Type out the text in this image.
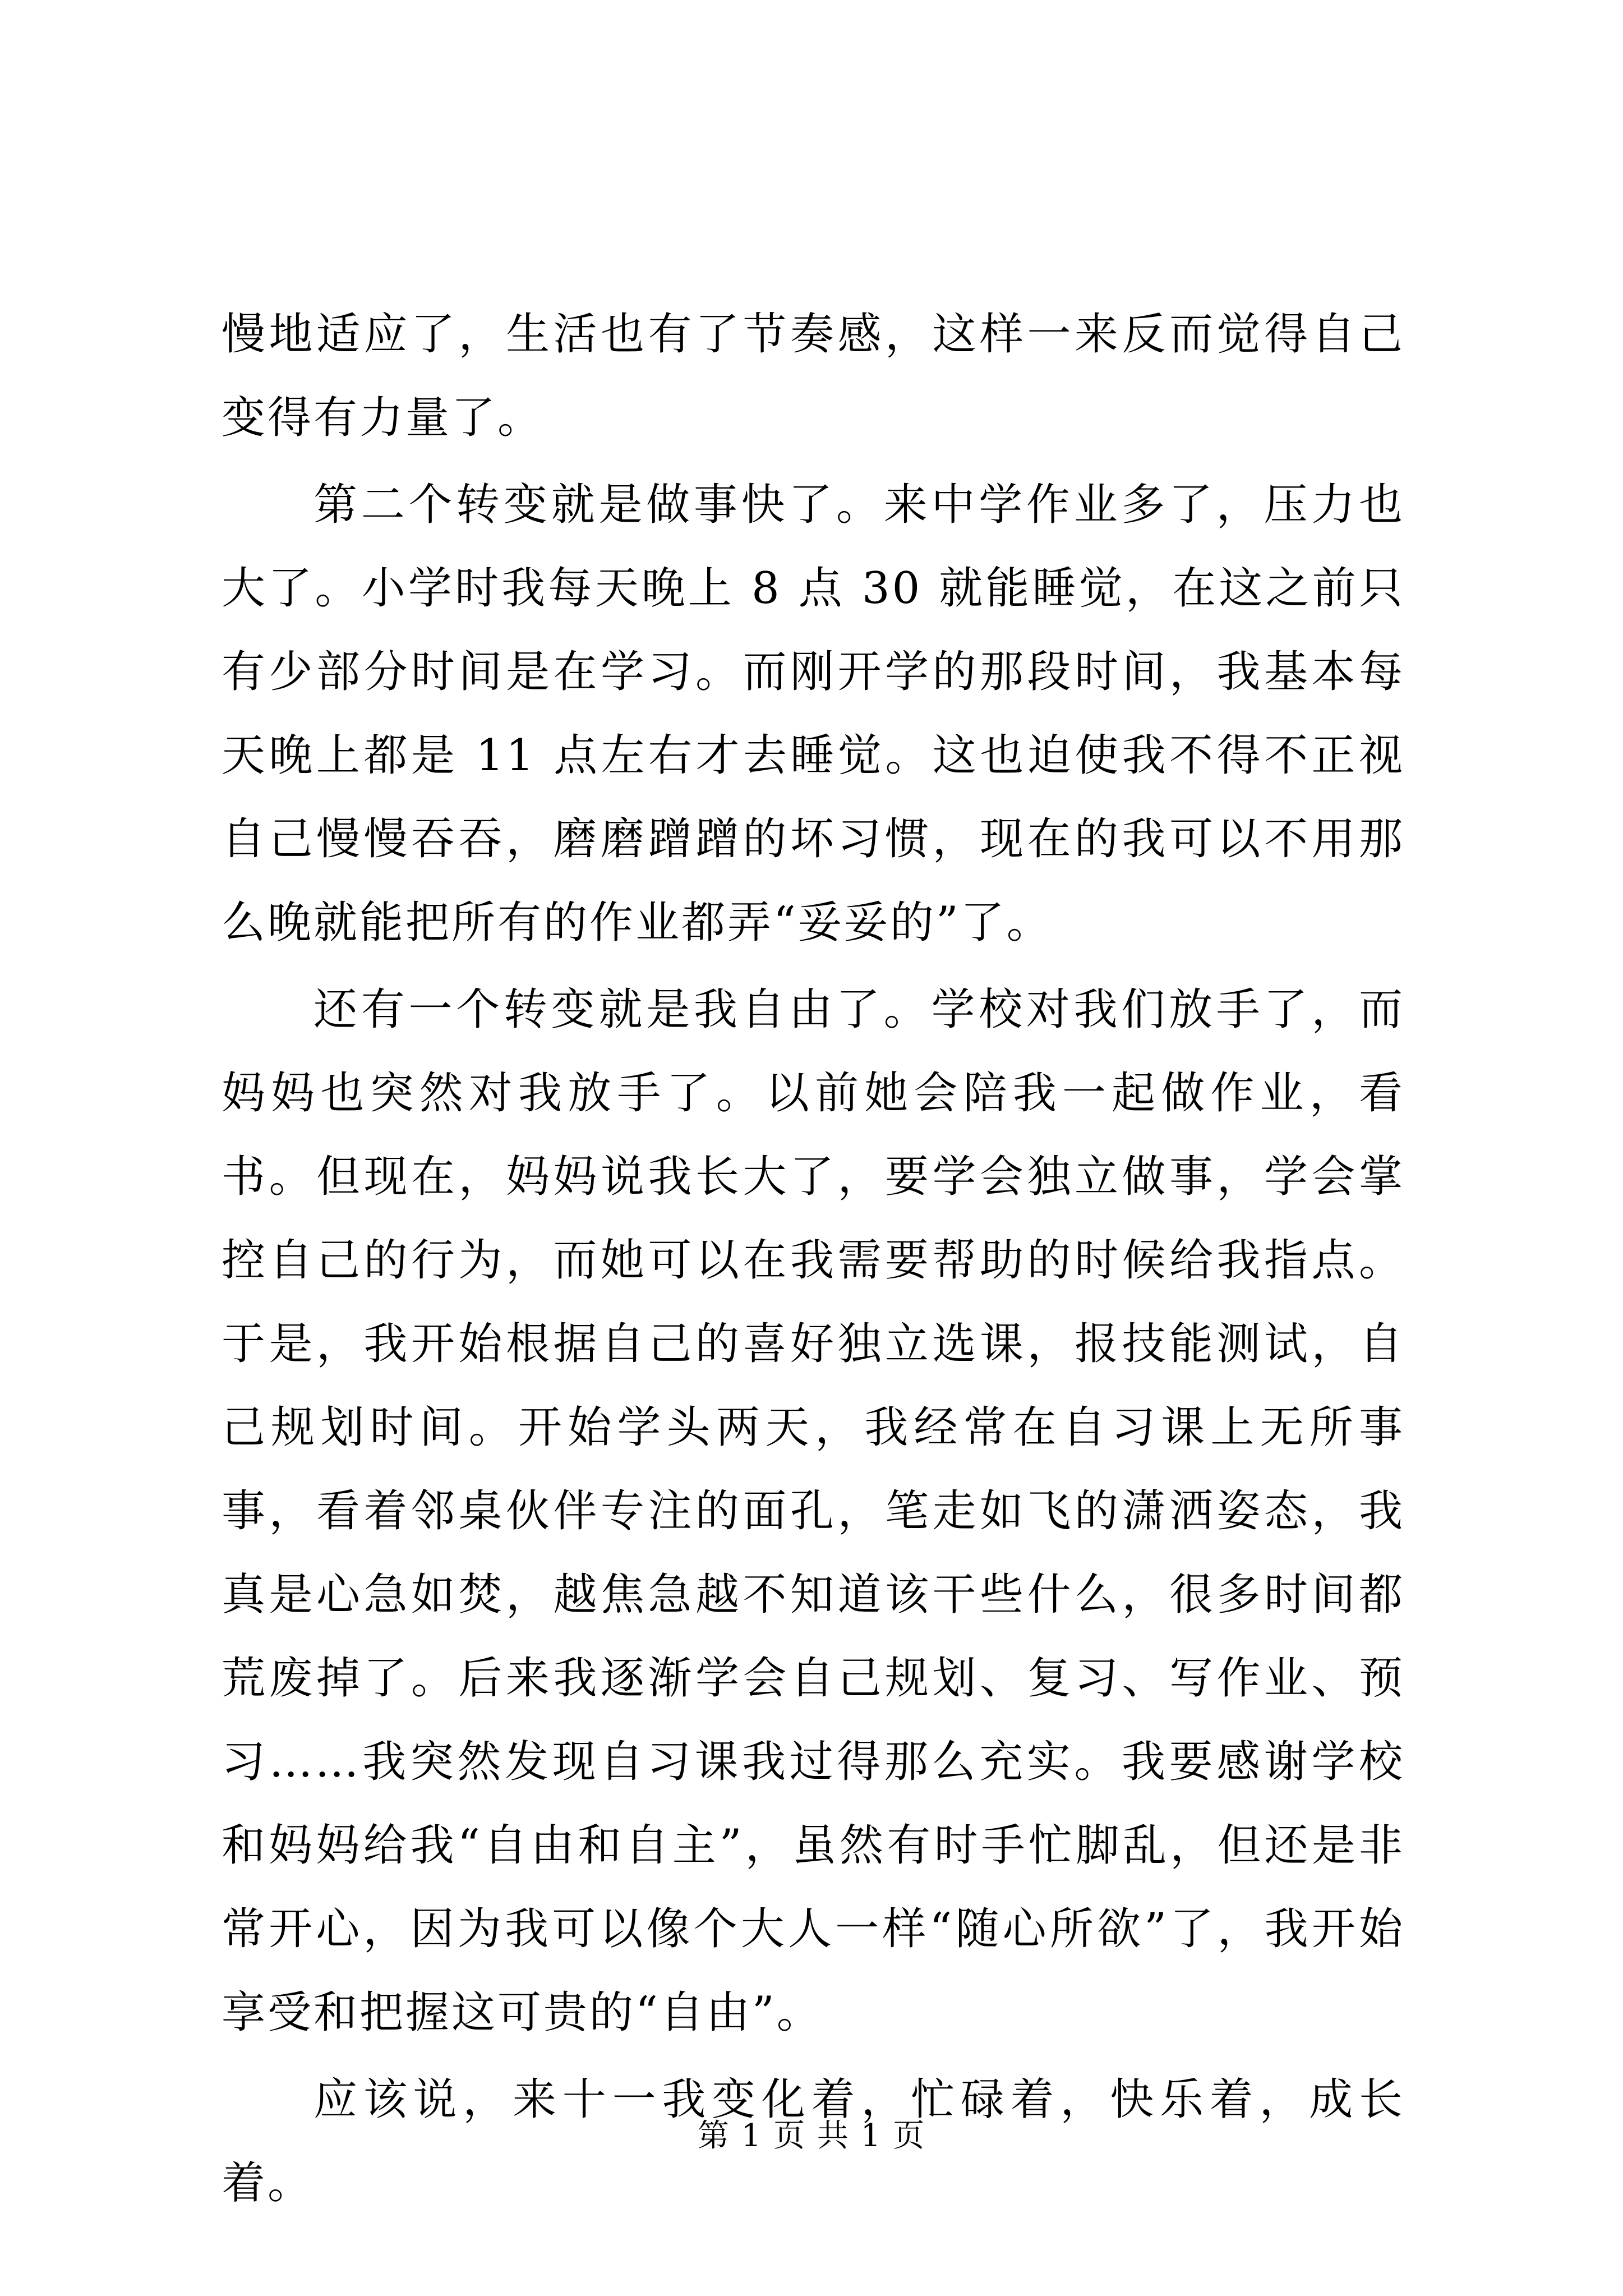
慢地适应了，生活也有了节奏感，这样一来反而觉得自己变得有力量了。

第二个转变就是做事快了。来中学作业多了，压力也大了。小学时我每天晚上 8 点 30 就能睡觉，在这之前只有少部分时间是在学习。而刚开学的那段时间，我基本每天晚上都是 11 点左右才去睡觉。这也迫使我不得不正视自己慢慢吞吞，磨磨蹭蹭的坏习惯，现在的我可以不用那么晚就能把所有的作业都弄“妥妥的”了。

还有一个转变就是我自由了。学校对我们放手了，而妈妈也突然对我放手了。以前她会陪我一起做作业，看书。但现在，妈妈说我长大了，要学会独立做事，学会掌控自己的行为，而她可以在我需要帮助的时候给我指点。于是，我开始根据自己的喜好独立选课，报技能测试，自己规划时间。开始学头两天，我经常在自习课上无所事事，看着邻桌伙伴专注的面孔，笔走如飞的潇洒姿态，我真是心急如焚，越焦急越不知道该干些什么，很多时间都荒废掉了。后来我逐渐学会自己规划、复习、写作业、预习……我突然发现自习课我过得那么充实。我要感谢学校和妈妈给我“自由和自主”，虽然有时手忙脚乱，但还是非常开心，因为我可以像个大人一样“随心所欲”了，我开始享受和把握这可贵的“自由”。

应该说，来十一我变化着，忙碌着，快乐着，成长着。

第 1 页 共 1 页
